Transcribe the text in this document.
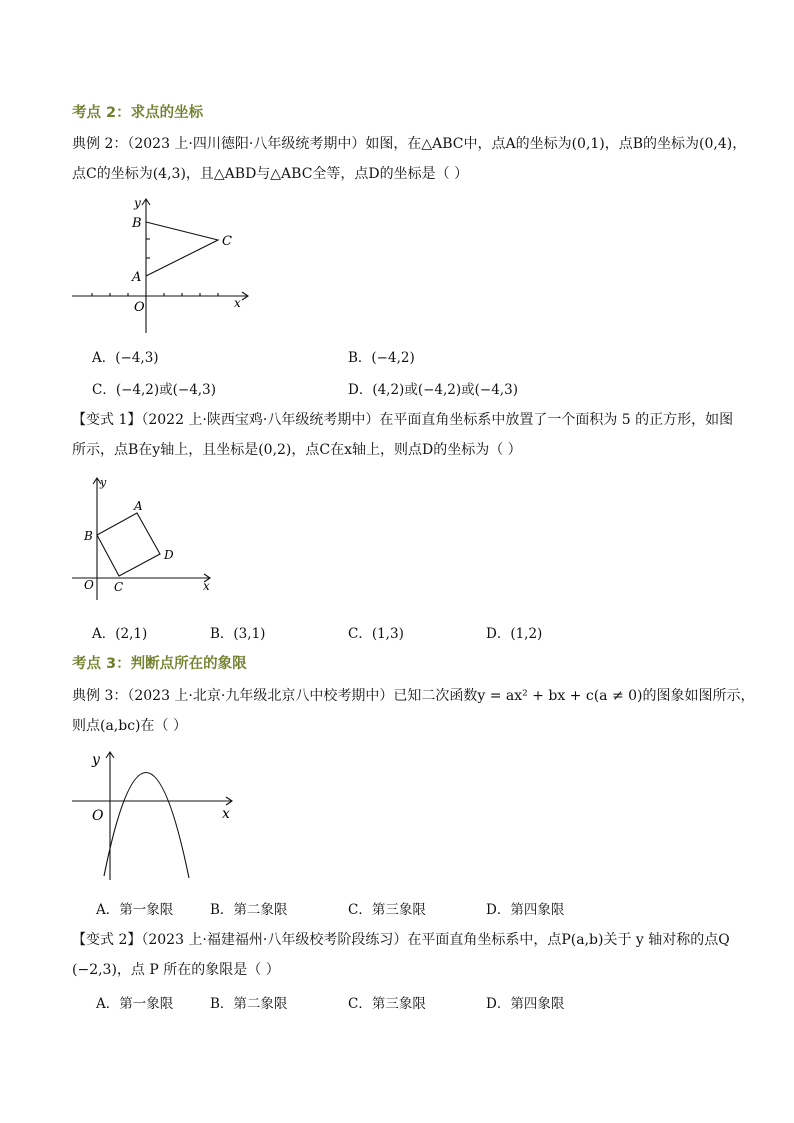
考点 2：求点的坐标
典例 2：（2023 上·四川德阳·八年级统考期中）如图，在△ABC中，点A的坐标为(0,1)，点B的坐标为(0,4)，
点C的坐标为(4,3)，且△ABD与△ABC全等，点D的坐标是（ ）
B
A
C
O	x
y
A．(−4,3)	B．(−4,2)
C．(−4,2)或(−4,3)	D．(4,2)或(−4,2)或(−4,3)
【变式 1】（2022 上·陕西宝鸡·八年级统考期中）在平面直角坐标系中放置了一个面积为 5 的正方形，如图
所示，点B在y轴上，且坐标是(0,2)，点C在x轴上，则点D的坐标为（ ）
A
B
C
D
O	x
y
A．(2,1)	B．(3,1)	C．(1,3)	D．(1,2)
考点 3：判断点所在的象限
典例 3：（2023 上·北京·九年级北京八中校考期中）已知二次函数y = ax² + bx + c(a ≠ 0)的图象如图所示，
则点(a,bc)在（ ）
O	x
y
A．第一象限	B．第二象限	C．第三象限	D．第四象限
【变式 2】（2023 上·福建福州·八年级校考阶段练习）在平面直角坐标系中，点P(a,b)关于 y 轴对称的点Q
(−2,3)，点 P 所在的象限是（ ）
A．第一象限	B．第二象限	C．第三象限	D．第四象限
